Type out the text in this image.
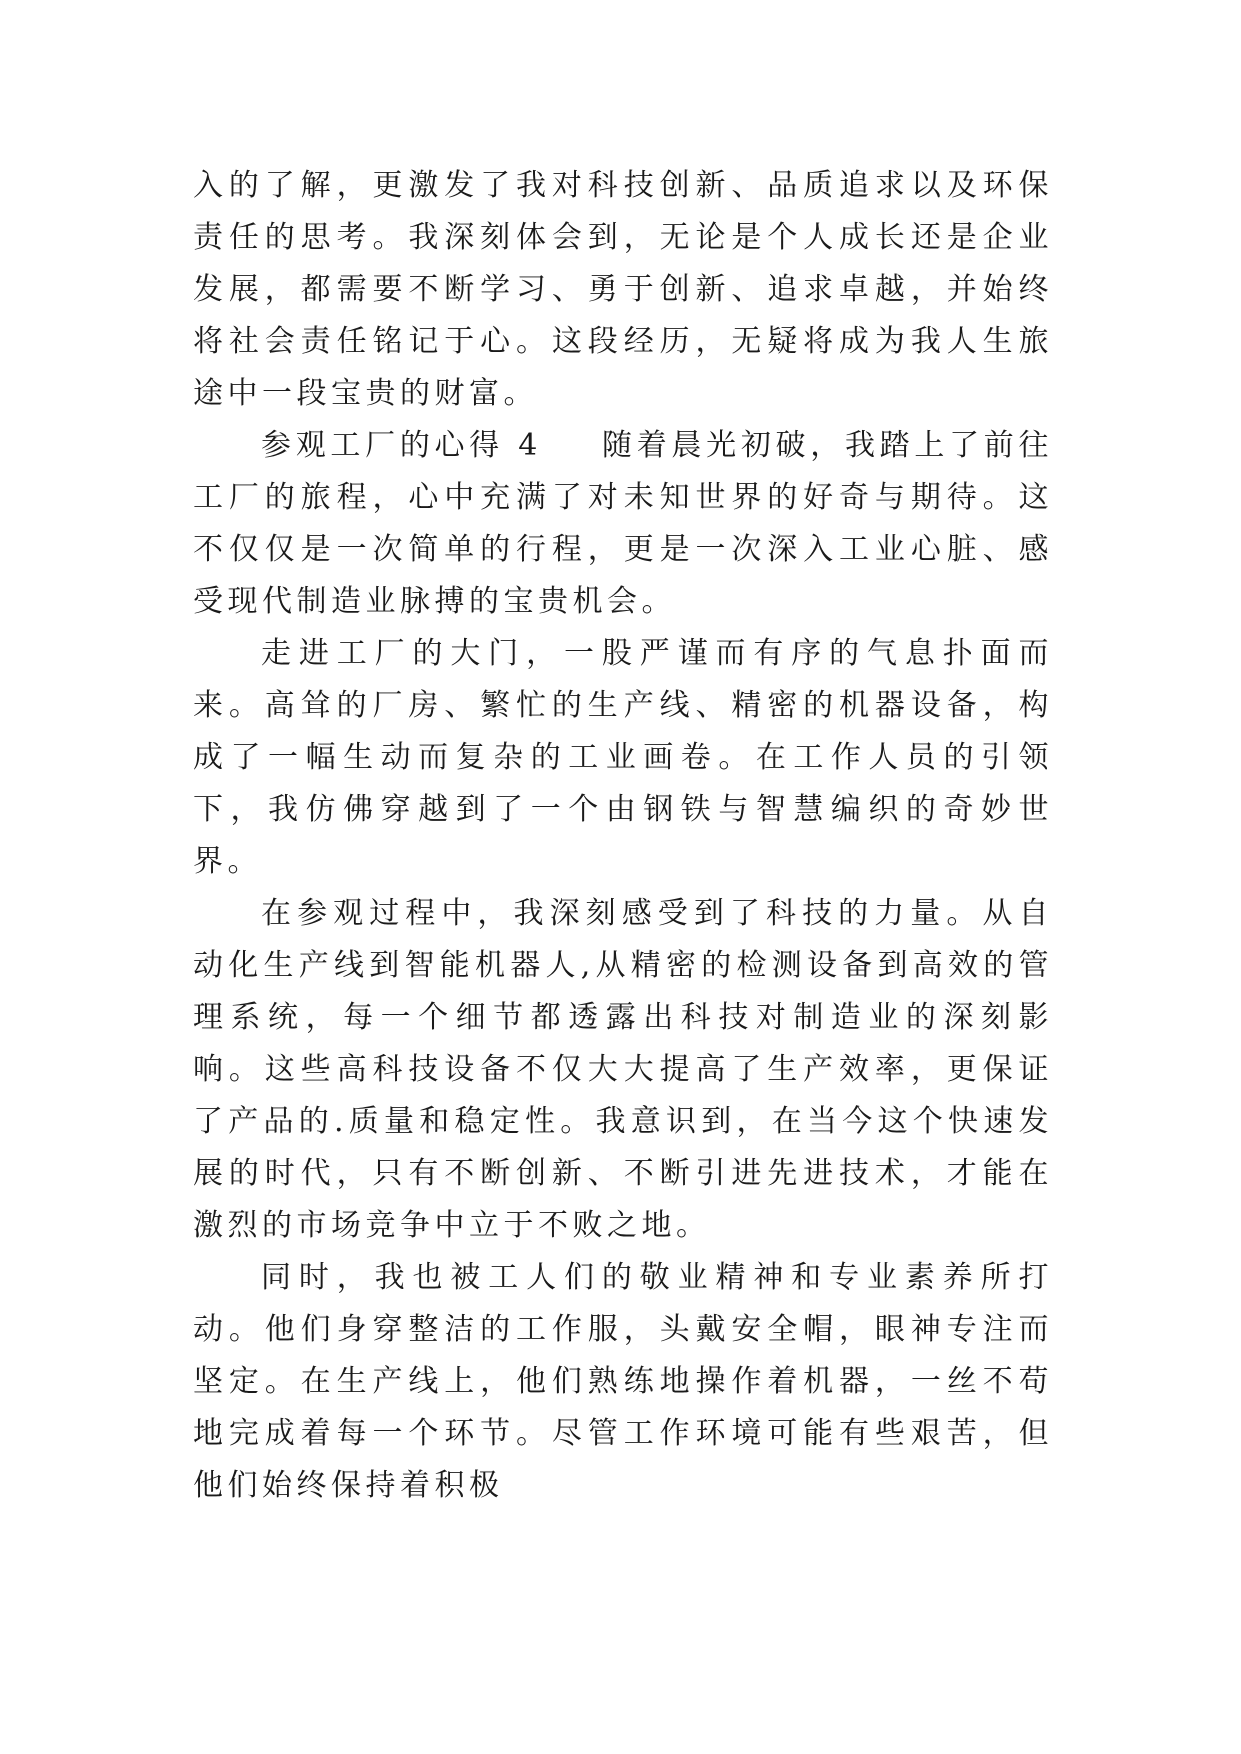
入的了解，更激发了我对科技创新、品质追求以及环保责任的思考。我深刻体会到，无论是个人成长还是企业发展，都需要不断学习、勇于创新、追求卓越，并始终将社会责任铭记于心。这段经历，无疑将成为我人生旅途中一段宝贵的财富。

参观工厂的心得 4 随着晨光初破，我踏上了前往工厂的旅程，心中充满了对未知世界的好奇与期待。这不仅仅是一次简单的行程，更是一次深入工业心脏、感受现代制造业脉搏的宝贵机会。

走进工厂的大门，一股严谨而有序的气息扑面而来。高耸的厂房、繁忙的生产线、精密的机器设备，构成了一幅生动而复杂的工业画卷。在工作人员的引领下，我仿佛穿越到了一个由钢铁与智慧编织的奇妙世界。

在参观过程中，我深刻感受到了科技的力量。从自动化生产线到智能机器人,从精密的检测设备到高效的管理系统，每一个细节都透露出科技对制造业的深刻影响。这些高科技设备不仅大大提高了生产效率，更保证了产品的.质量和稳定性。我意识到，在当今这个快速发展的时代，只有不断创新、不断引进先进技术，才能在激烈的市场竞争中立于不败之地。

同时，我也被工人们的敬业精神和专业素养所打动。他们身穿整洁的工作服，头戴安全帽，眼神专注而坚定。在生产线上，他们熟练地操作着机器，一丝不苟地完成着每一个环节。尽管工作环境可能有些艰苦，但他们始终保持着积极
